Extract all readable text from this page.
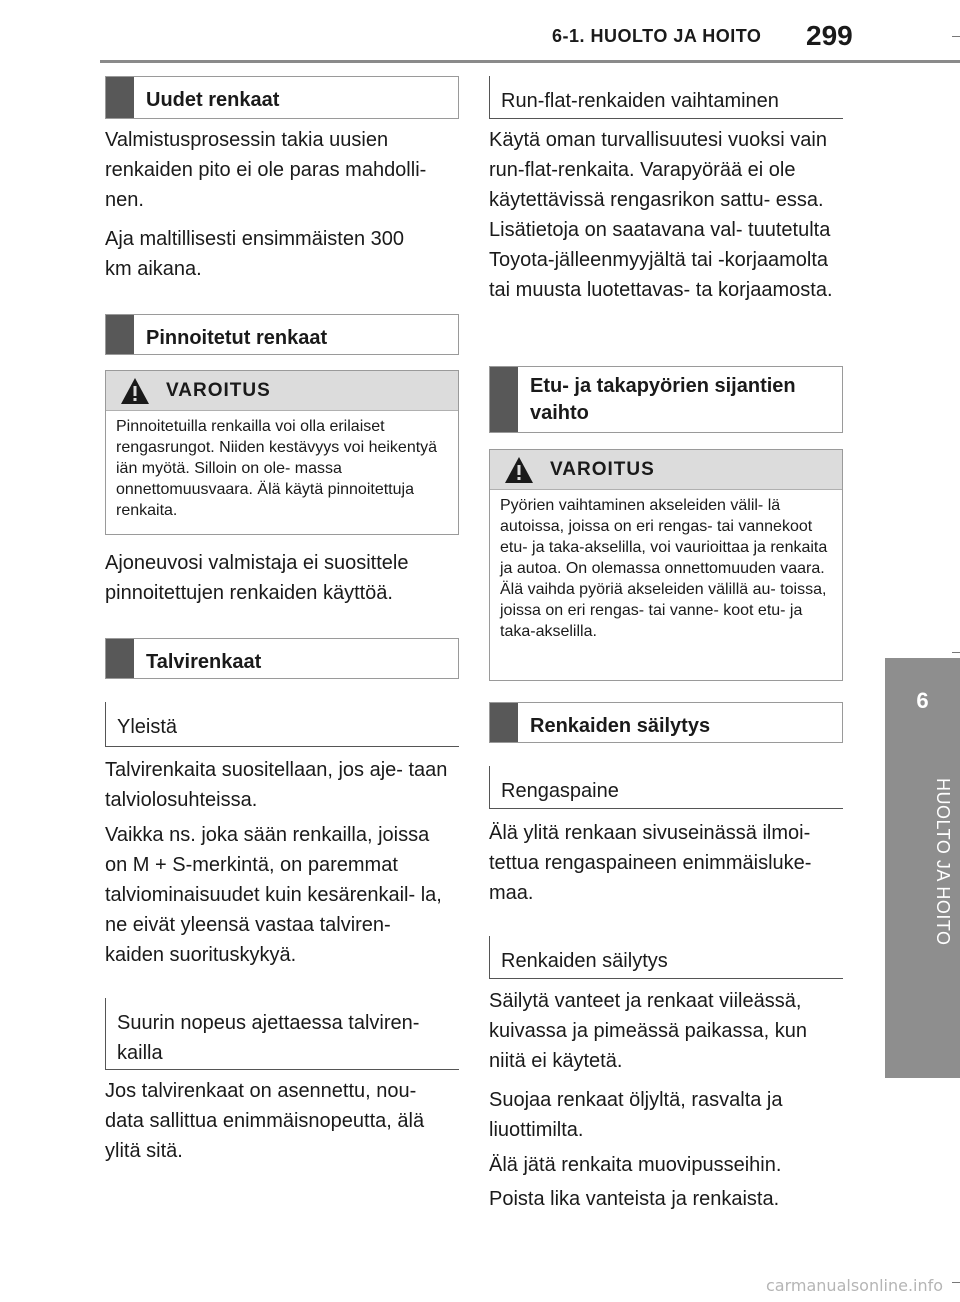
6-1. HUOLTO JA HOITO 299
6
HUOLTO JA HOITO
Uudet renkaat

Valmistusprosessin takia uusien renkaiden pito ei ole paras mahdolli- nen.

Aja maltillisesti ensimmäisten 300 km aikana.

Pinnoitetut renkaat
VAROITUS
Pinnoitetuilla renkailla voi olla erilaiset rengasrungot. Niiden kestävyys voi heikentyä iän myötä. Silloin on ole- massa onnettomuusvaara. Älä käytä pinnoitettuja renkaita.

Ajoneuvosi valmistaja ei suosittele pinnoitettujen renkaiden käyttöä.

Talvirenkaat
Yleistä

Talvirenkaita suositellaan, jos aje- taan talviolosuhteissa.

Vaikka ns. joka sään renkailla, joissa on M + S-merkintä, on paremmat talviominaisuudet kuin kesärenkail- la, ne eivät yleensä vastaa talviren- kaiden suorituskykyä.

Suurin nopeus ajettaessa talviren- kailla

Jos talvirenkaat on asennettu, nou- data sallittua enimmäisnopeutta, älä ylitä sitä.

Run-flat-renkaiden vaihtaminen

Käytä oman turvallisuutesi vuoksi vain run-flat-renkaita. Varapyörää ei ole käytettävissä rengasrikon sattu- essa. Lisätietoja on saatavana val- tuutetulta Toyota-jälleenmyyjältä tai -korjaamolta tai muusta luotettavas- ta korjaamosta.

Etu- ja takapyörien sijantien vaihto
VAROITUS
Pyörien vaihtaminen akseleiden välil- lä autoissa, joissa on eri rengas- tai vannekoot etu- ja taka-akselilla, voi vaurioittaa ja renkaita ja autoa. On olemassa onnettomuuden vaara. Älä vaihda pyöriä akseleiden välillä au- toissa, joissa on eri rengas- tai vanne- koot etu- ja taka-akselilla.
Renkaiden säilytys
Rengaspaine

Älä ylitä renkaan sivuseinässä ilmoi- tettua rengaspaineen enimmäisluke- maa.

Renkaiden säilytys

Säilytä vanteet ja renkaat viileässä, kuivassa ja pimeässä paikassa, kun niitä ei käytetä.

Suojaa renkaat öljyltä, rasvalta ja liuottimilta.

Älä jätä renkaita muovipusseihin.

Poista lika vanteista ja renkaista.

carmanualsonline.info
